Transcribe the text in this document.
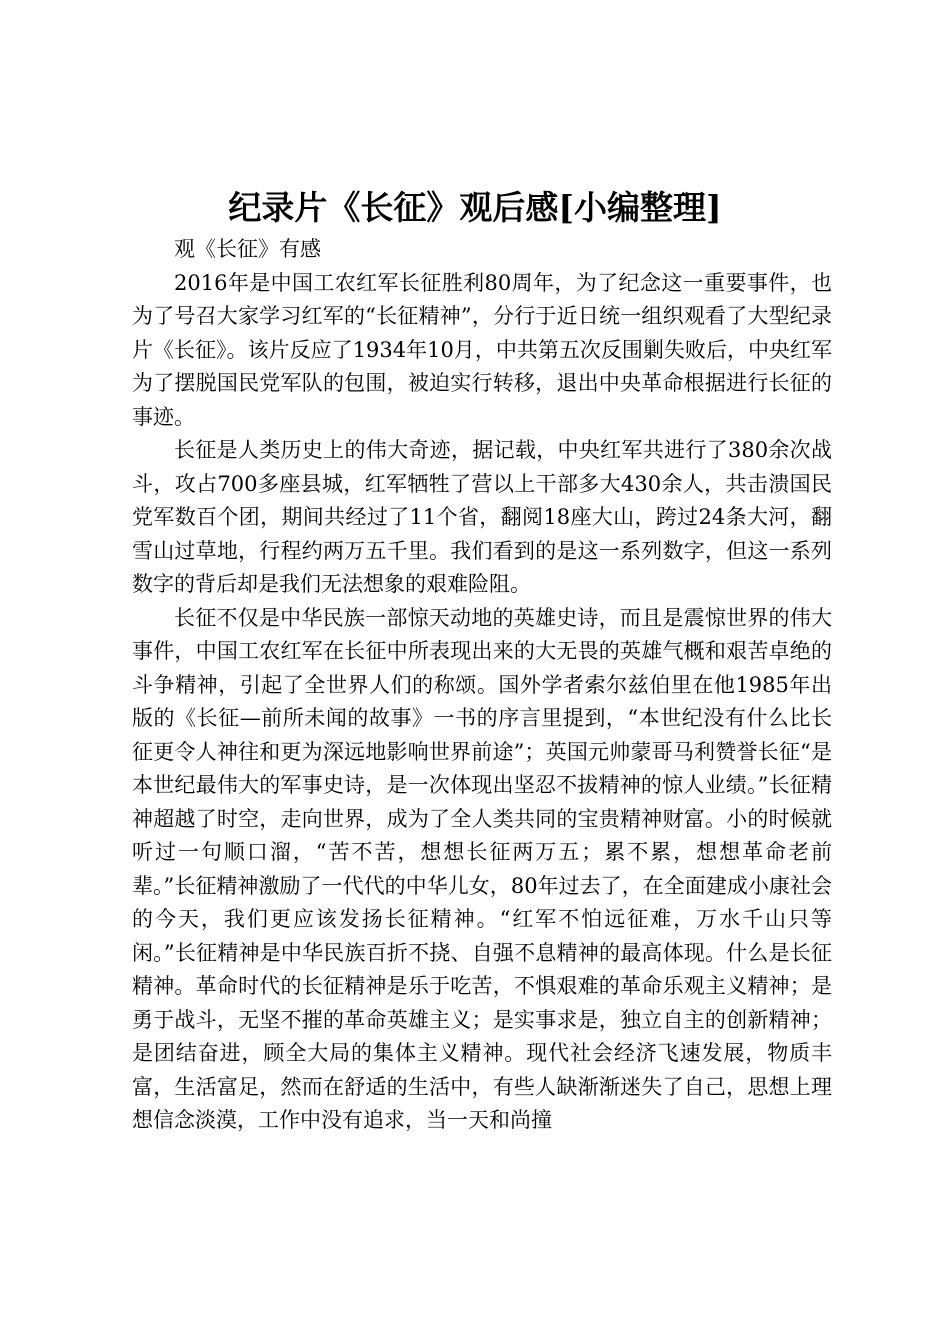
纪录片《长征》观后感[小编整理]

观《长征》有感

2016年是中国工农红军长征胜利80周年，为了纪念这一重要事件，也为了号召大家学习红军的“长征精神”，分行于近日统一组织观看了大型纪录片《长征》。该片反应了1934年10月，中共第五次反围剿失败后，中央红军为了摆脱国民党军队的包围，被迫实行转移，退出中央革命根据进行长征的事迹。

长征是人类历史上的伟大奇迹，据记载，中央红军共进行了380余次战斗，攻占700多座县城，红军牺牲了营以上干部多大430余人，共击溃国民党军数百个团，期间共经过了11个省，翻阅18座大山，跨过24条大河，翻雪山过草地，行程约两万五千里。我们看到的是这一系列数字，但这一系列数字的背后却是我们无法想象的艰难险阻。

长征不仅是中华民族一部惊天动地的英雄史诗，而且是震惊世界的伟大事件，中国工农红军在长征中所表现出来的大无畏的英雄气概和艰苦卓绝的斗争精神，引起了全世界人们的称颂。国外学者索尔兹伯里在他1985年出版的《长征—前所未闻的故事》一书的序言里提到，“本世纪没有什么比长征更令人神往和更为深远地影响世界前途”；英国元帅蒙哥马利赞誉长征“是本世纪最伟大的军事史诗，是一次体现出坚忍不拔精神的惊人业绩。”长征精神超越了时空，走向世界，成为了全人类共同的宝贵精神财富。小的时候就听过一句顺口溜，“苦不苦，想想长征两万五；累不累，想想革命老前辈。”长征精神激励了一代代的中华儿女，80年过去了，在全面建成小康社会的今天，我们更应该发扬长征精神。“红军不怕远征难，万水千山只等闲。”长征精神是中华民族百折不挠、自强不息精神的最高体现。什么是长征精神。革命时代的长征精神是乐于吃苦，不惧艰难的革命乐观主义精神；是勇于战斗，无坚不摧的革命英雄主义；是实事求是，独立自主的创新精神；是团结奋进，顾全大局的集体主义精神。现代社会经济飞速发展，物质丰富，生活富足，然而在舒适的生活中，有些人缺渐渐迷失了自己，思想上理想信念淡漠，工作中没有追求，当一天和尚撞
